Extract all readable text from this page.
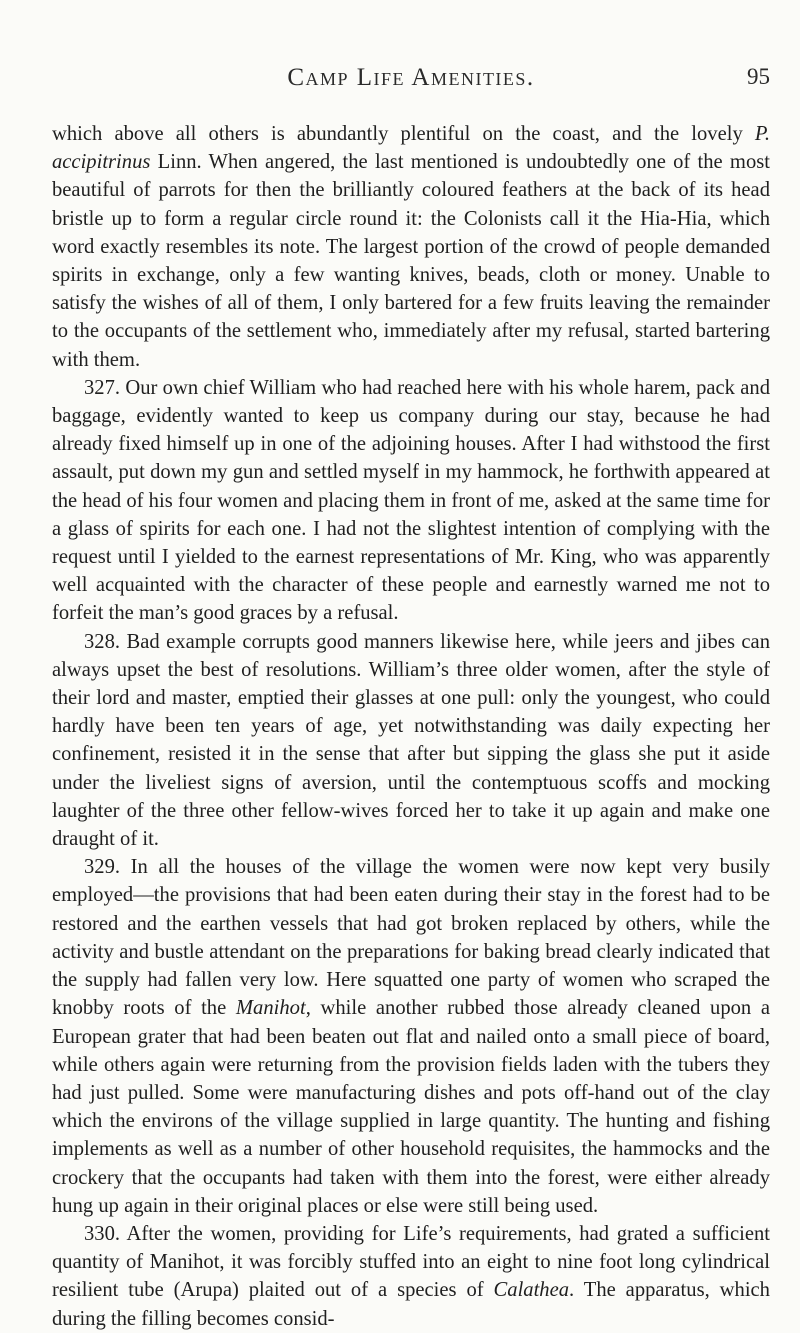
Camp Life Amenities.	95

which above all others is abundantly plentiful on the coast, and the lovely P. accipitrinus Linn. When angered, the last mentioned is undoubtedly one of the most beautiful of parrots for then the brilliantly coloured feathers at the back of its head bristle up to form a regular circle round it: the Colonists call it the Hia-Hia, which word exactly resembles its note. The largest portion of the crowd of people demanded spirits in exchange, only a few wanting knives, beads, cloth or money. Unable to satisfy the wishes of all of them, I only bartered for a few fruits leaving the remainder to the occupants of the settlement who, immediately after my refusal, started bartering with them.

327. Our own chief William who had reached here with his whole harem, pack and baggage, evidently wanted to keep us company during our stay, because he had already fixed himself up in one of the adjoining houses. After I had withstood the first assault, put down my gun and settled myself in my hammock, he forthwith appeared at the head of his four women and placing them in front of me, asked at the same time for a glass of spirits for each one. I had not the slightest intention of complying with the request until I yielded to the earnest representations of Mr. King, who was apparently well acquainted with the character of these people and earnestly warned me not to forfeit the man’s good graces by a refusal.

328. Bad example corrupts good manners likewise here, while jeers and jibes can always upset the best of resolutions. William’s three older women, after the style of their lord and master, emptied their glasses at one pull: only the youngest, who could hardly have been ten years of age, yet notwithstanding was daily expecting her confinement, resisted it in the sense that after but sipping the glass she put it aside under the liveliest signs of aversion, until the contemptuous scoffs and mocking laughter of the three other fellow-wives forced her to take it up again and make one draught of it.

329. In all the houses of the village the women were now kept very busily employed—the provisions that had been eaten during their stay in the forest had to be restored and the earthen vessels that had got broken replaced by others, while the activity and bustle attendant on the preparations for baking bread clearly indicated that the supply had fallen very low. Here squatted one party of women who scraped the knobby roots of the Manihot, while another rubbed those already cleaned upon a European grater that had been beaten out flat and nailed onto a small piece of board, while others again were returning from the provision fields laden with the tubers they had just pulled. Some were manufacturing dishes and pots off-hand out of the clay which the environs of the village supplied in large quantity. The hunting and fishing implements as well as a number of other household requisites, the hammocks and the crockery that the occupants had taken with them into the forest, were either already hung up again in their original places or else were still being used.

330. After the women, providing for Life’s requirements, had grated a sufficient quantity of Manihot, it was forcibly stuffed into an eight to nine foot long cylindrical resilient tube (Arupa) plaited out of a species of Calathea. The apparatus, which during the filling becomes consid-
